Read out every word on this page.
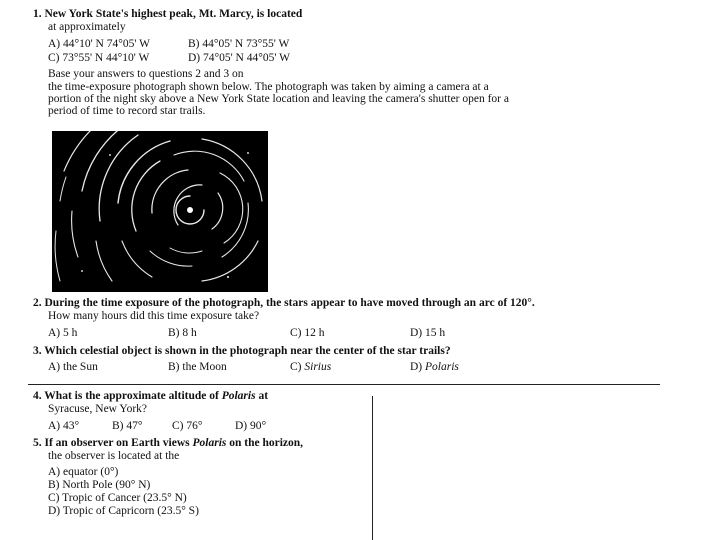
1. New York State's highest peak, Mt. Marcy, is located
at approximately
A) 44°10' N 74°05' W	B) 44°05' N 73°55' W
C) 73°55' N 44°10' W	D) 74°05' N 44°05' W
Base your answers to questions 2 and 3 on
the time-exposure photograph shown below. The photograph was taken by aiming a camera at a
portion of the night sky above a New York State location and leaving the camera's shutter open for a
period of time to record star trails.
2. During the time exposure of the photograph, the stars appear to have moved through an arc of 120°.
How many hours did this time exposure take?
A) 5 h	B) 8 h	C) 12 h	D) 15 h
3. Which celestial object is shown in the photograph near the center of the star trails?
A) the Sun	B) the Moon	C) Sirius	D) Polaris
4. What is the approximate altitude of Polaris at
Syracuse, New York?
A) 43°	B) 47°	C) 76°	D) 90°
5. If an observer on Earth views Polaris on the horizon,
the observer is located at the
A) equator (0°)
B) North Pole (90° N)
C) Tropic of Cancer (23.5° N)
D) Tropic of Capricorn (23.5° S)
